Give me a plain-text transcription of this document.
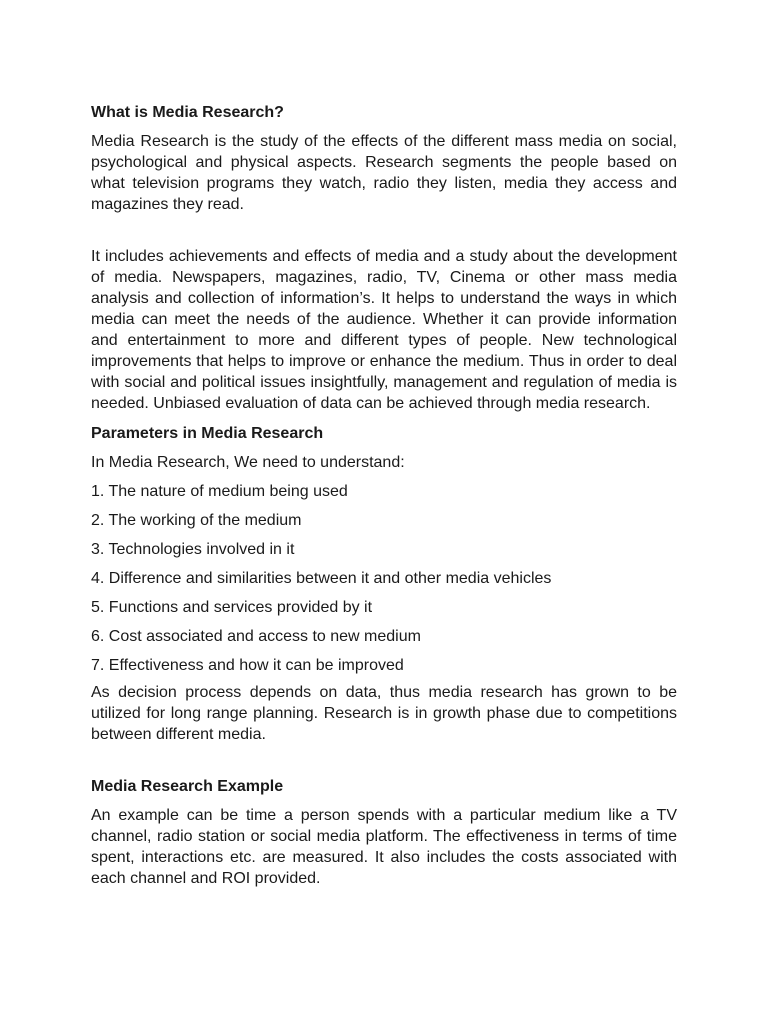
What is Media Research?

Media Research is the study of the effects of the different mass media on social, psychological and physical aspects. Research segments the people based on what television programs they watch, radio they listen, media they access and magazines they read.

It includes achievements and effects of media and a study about the development of media. Newspapers, magazines, radio, TV, Cinema or other mass media analysis and collection of information’s. It helps to understand the ways in which media can meet the needs of the audience. Whether it can provide information and entertainment to more and different types of people. New technological improvements that helps to improve or enhance the medium. Thus in order to deal with social and political issues insightfully, management and regulation of media is needed. Unbiased evaluation of data can be achieved through media research.

Parameters in Media Research

In Media Research, We need to understand:

1. The nature of medium being used
2. The working of the medium
3. Technologies involved in it
4. Difference and similarities between it and other media vehicles
5. Functions and services provided by it
6. Cost associated and access to new medium
7. Effectiveness and how it can be improved

As decision process depends on data, thus media research has grown to be utilized for long range planning. Research is in growth phase due to competitions between different media.

Media Research Example

An example can be time a person spends with a particular medium like a TV channel, radio station or social media platform. The effectiveness in terms of time spent, interactions etc. are measured. It also includes the costs associated with each channel and ROI provided.
